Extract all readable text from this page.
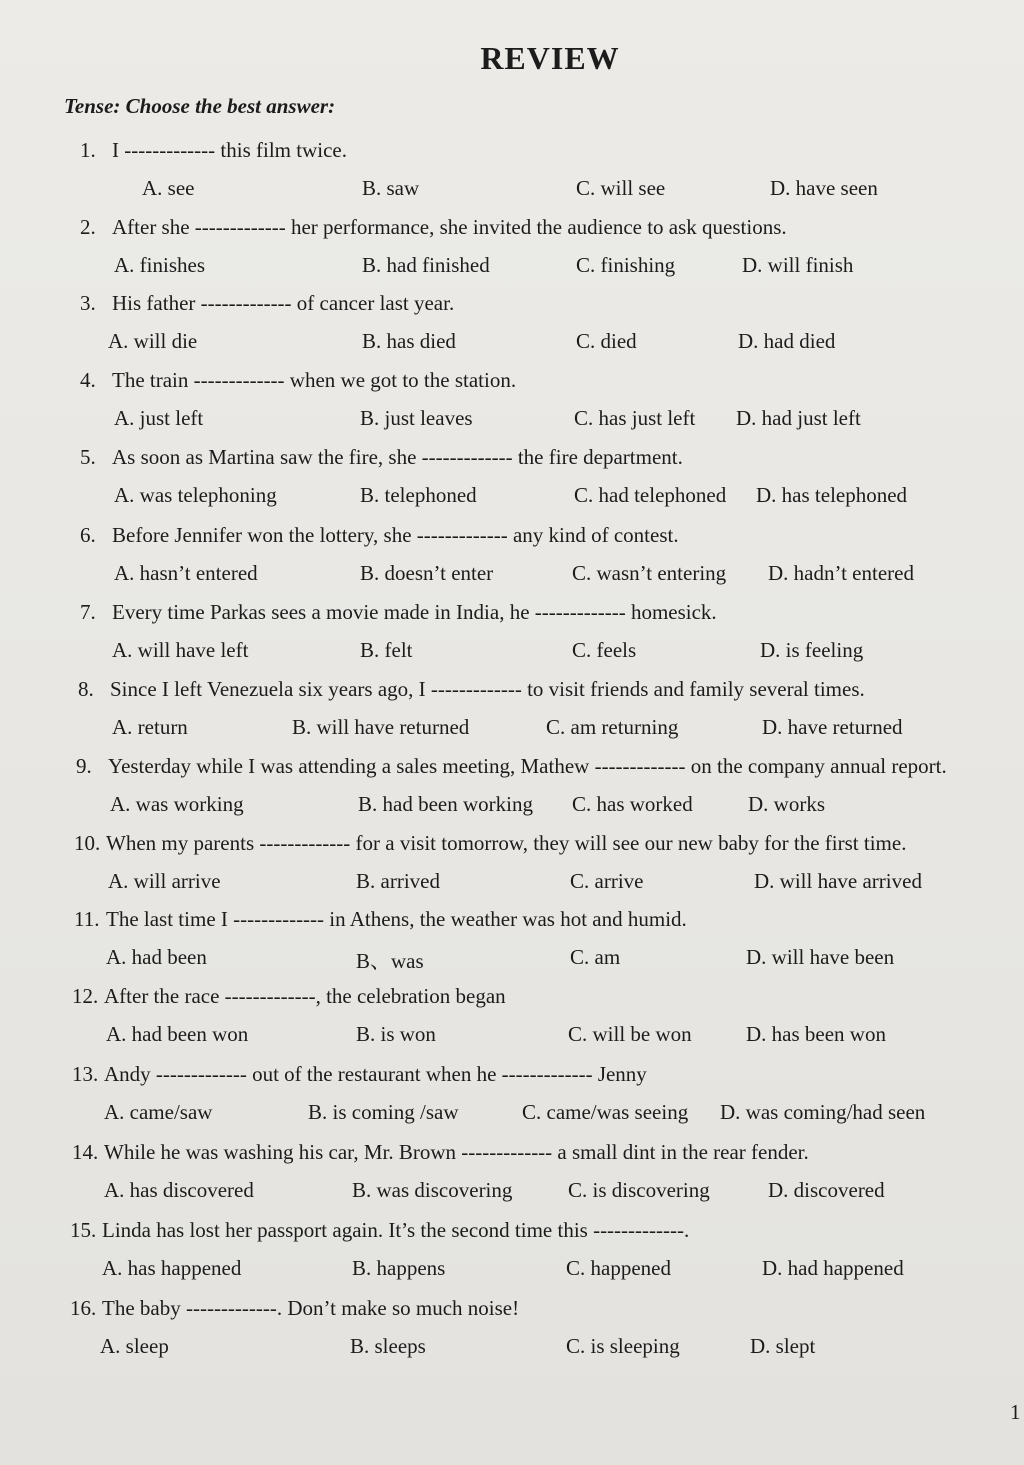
REVIEW
Tense: Choose the best answer:
1. I ------------- this film twice.
A. see	B. saw	C. will see	D. have seen
2. After she ------------- her performance, she invited the audience to ask questions.
A. finishes	B. had finished	C. finishing	D. will finish
3. His father ------------- of cancer last year.
A. will die	B. has died	C. died	D. had died
4. The train ------------- when we got to the station.
A. just left	B. just leaves	C. has just left D. had just left
5. As soon as Martina saw the fire, she ------------- the fire department.
A. was telephoning	B. telephoned	C. had telephoned D. has telephoned
6. Before Jennifer won the lottery, she ------------- any kind of contest.
A. hasn’t entered	B. doesn’t enter	C. wasn’t entering D. hadn’t entered
7. Every time Parkas sees a movie made in India, he ------------- homesick.
A. will have left	B. felt	C. feels	D. is feeling
8. Since I left Venezuela six years ago, I ------------- to visit friends and family several times.
A. return	B. will have returned	C. am returning	D. have returned
9. Yesterday while I was attending a sales meeting, Mathew ------------- on the company annual report.
A. was working	B. had been working C. has worked	D. works
10. When my parents ------------- for a visit tomorrow, they will see our new baby for the first time.
A. will arrive	B. arrived	C. arrive	D. will have arrived
11. The last time I ------------- in Athens, the weather was hot and humid.
A. had been	B、was	C. am	D. will have been
12. After the race -------------, the celebration began
A. had been won	B. is won	C. will be won	D. has been won
13. Andy ------------- out of the restaurant when he ------------- Jenny
A. came/saw	B. is coming /saw	C. came/was seeing D. was coming/had seen
14. While he was washing his car, Mr. Brown ------------- a small dint in the rear fender.
A. has discovered	B. was discovering	C. is discovering	D. discovered
15. Linda has lost her passport again. It’s the second time this -------------.
A. has happened	B. happens	C. happened	D. had happened
16. The baby -------------. Don’t make so much noise!
A. sleep	B. sleeps	C. is sleeping	D. slept
1
